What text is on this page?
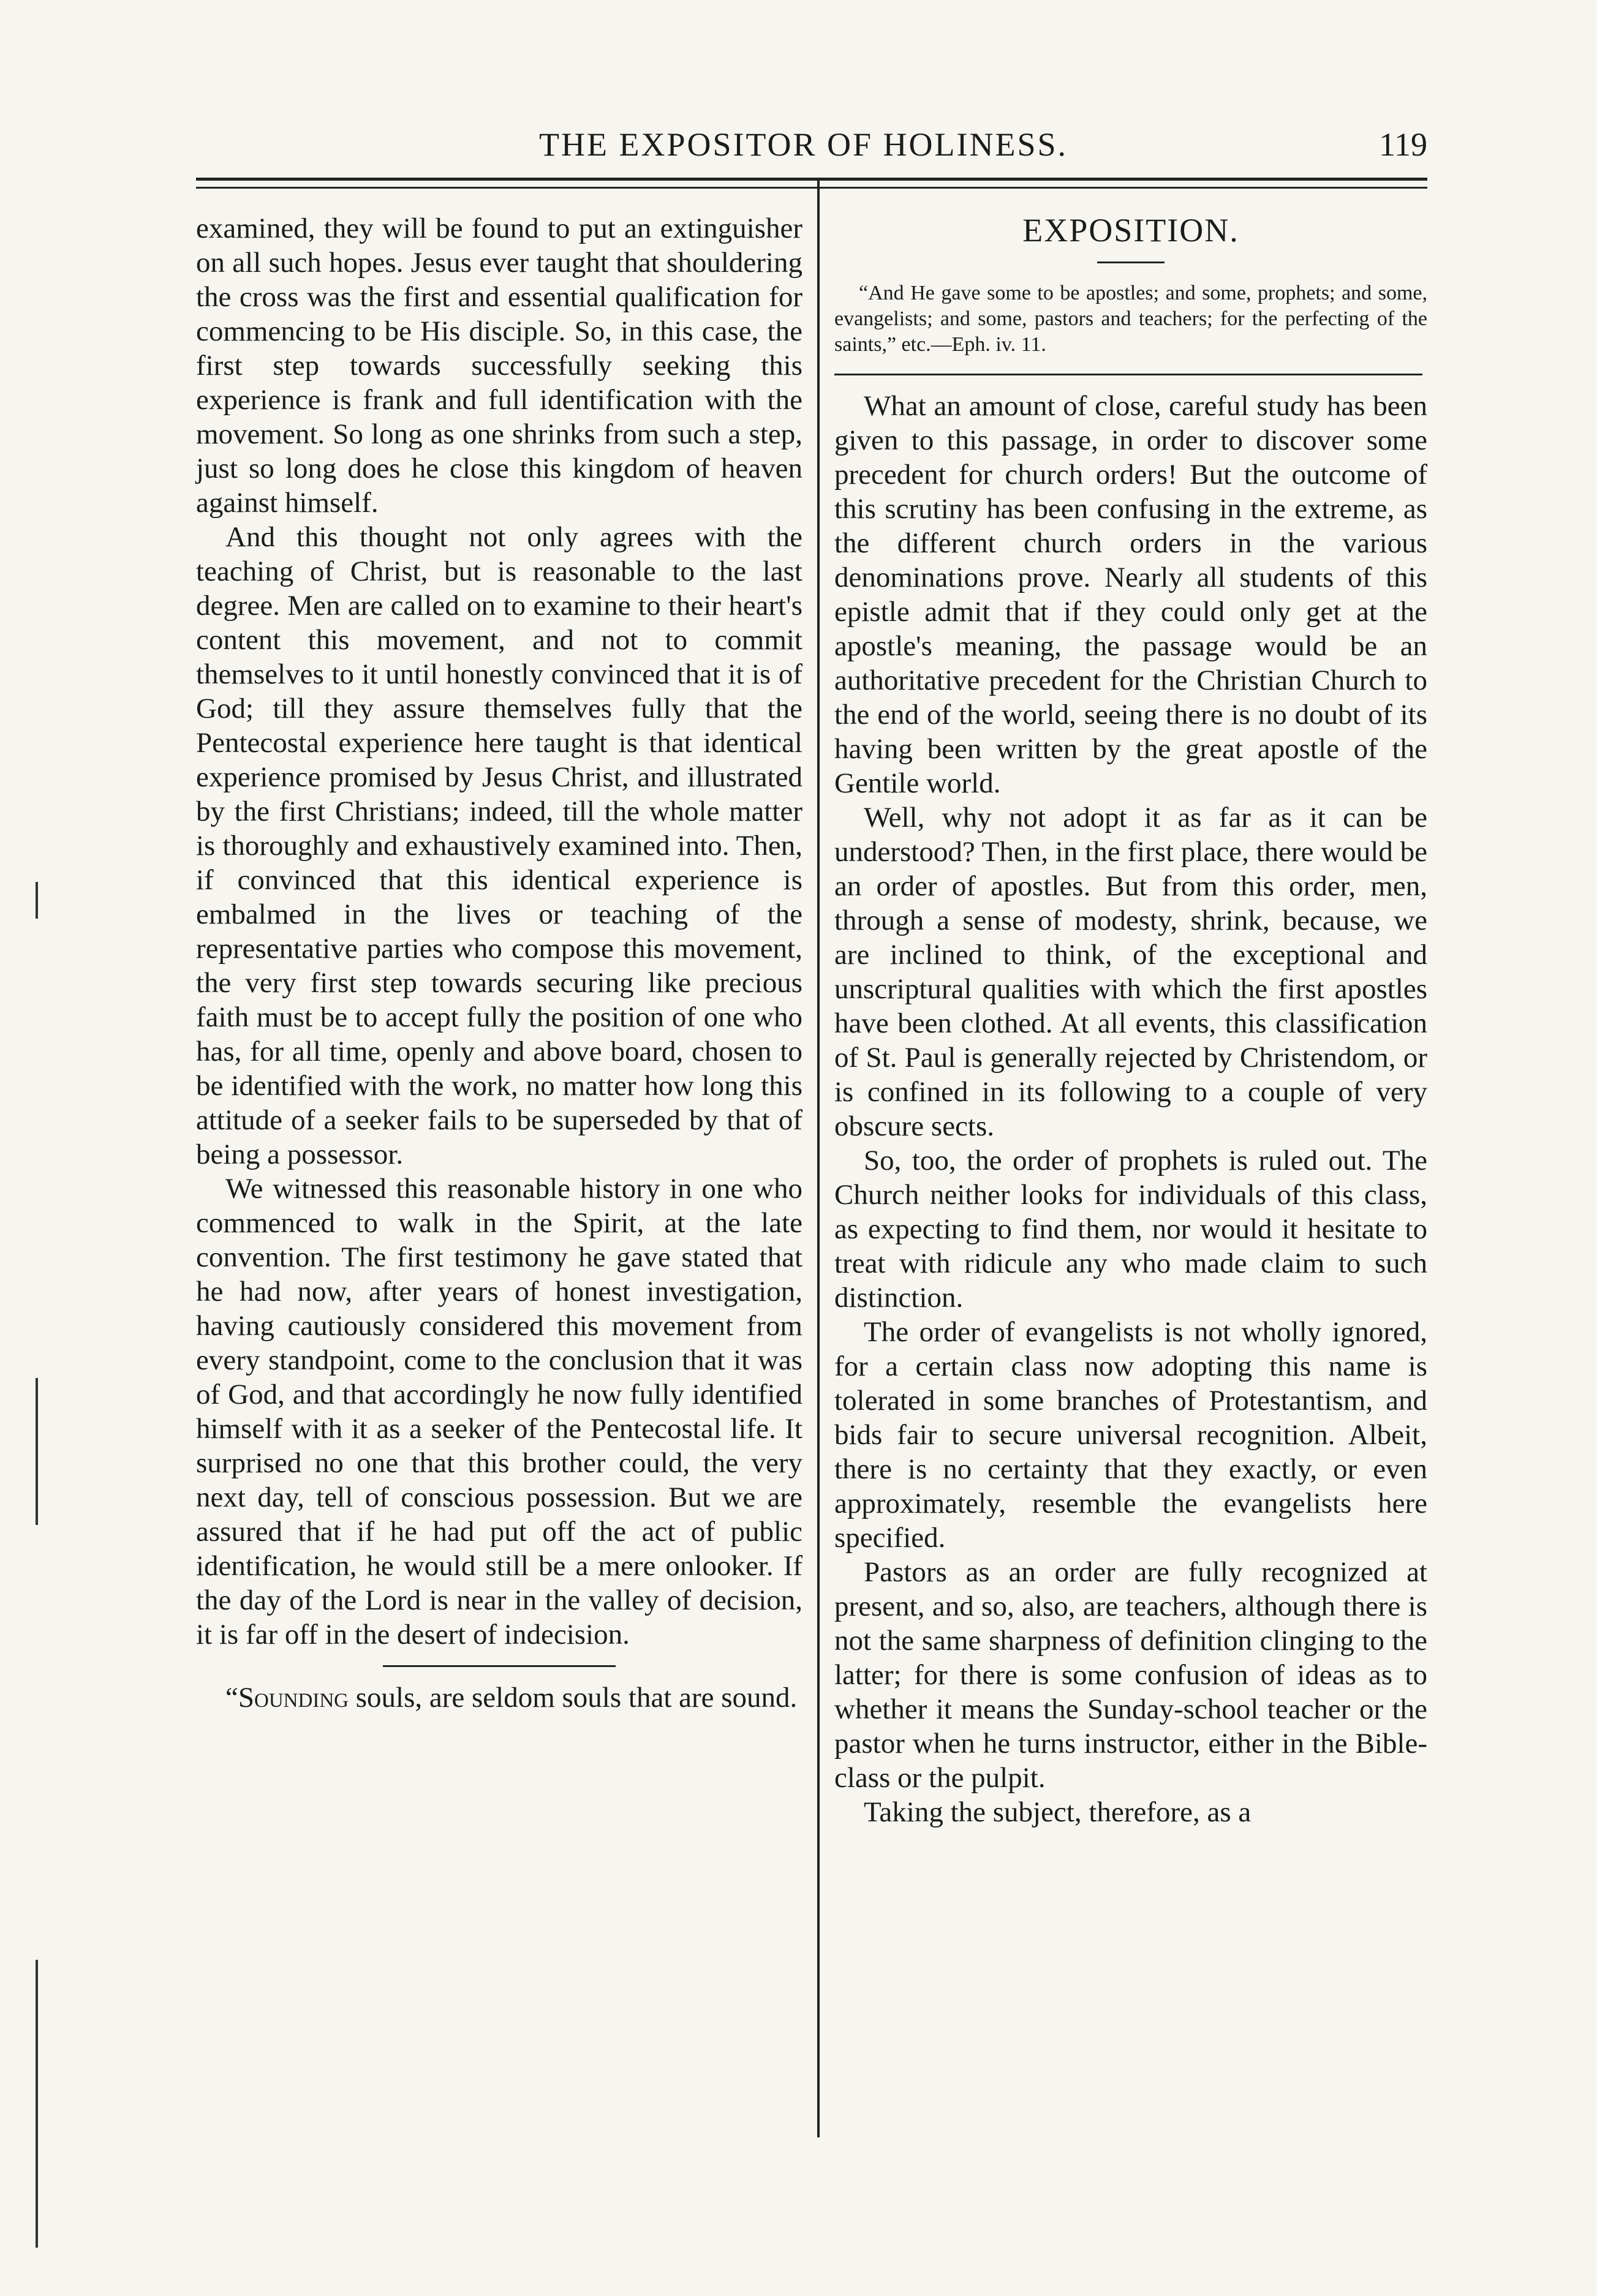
THE EXPOSITOR OF HOLINESS.	119

examined, they will be found to put an extinguisher on all such hopes. Jesus ever taught that shouldering the cross was the first and essential qualification for commencing to be His disciple. So, in this case, the first step towards successfully seeking this experience is frank and full identification with the movement. So long as one shrinks from such a step, just so long does he close this kingdom of heaven against himself.

And this thought not only agrees with the teaching of Christ, but is reasonable to the last degree. Men are called on to examine to their heart's content this movement, and not to commit themselves to it until honestly convinced that it is of God; till they assure themselves fully that the Pentecostal experience here taught is that identical experience promised by Jesus Christ, and illustrated by the first Christians; indeed, till the whole matter is thoroughly and exhaustively examined into. Then, if convinced that this identical experience is embalmed in the lives or teaching of the representative parties who compose this movement, the very first step towards securing like precious faith must be to accept fully the position of one who has, for all time, openly and above board, chosen to be identified with the work, no matter how long this attitude of a seeker fails to be superseded by that of being a possessor.

We witnessed this reasonable history in one who commenced to walk in the Spirit, at the late convention. The first testimony he gave stated that he had now, after years of honest investigation, having cautiously considered this movement from every standpoint, come to the conclusion that it was of God, and that accordingly he now fully identified himself with it as a seeker of the Pentecostal life. It surprised no one that this brother could, the very next day, tell of conscious possession. But we are assured that if he had put off the act of public identification, he would still be a mere onlooker. If the day of the Lord is near in the valley of decision, it is far off in the desert of indecision.

“Sounding souls, are seldom souls that are sound.

EXPOSITION.
“And He gave some to be apostles; and some, prophets; and some, evangelists; and some, pastors and teachers; for the perfecting of the saints,” etc.—Eph. iv. 11.

What an amount of close, careful study has been given to this passage, in order to discover some precedent for church orders! But the outcome of this scrutiny has been confusing in the extreme, as the different church orders in the various denominations prove. Nearly all students of this epistle admit that if they could only get at the apostle's meaning, the passage would be an authoritative precedent for the Christian Church to the end of the world, seeing there is no doubt of its having been written by the great apostle of the Gentile world.

Well, why not adopt it as far as it can be understood? Then, in the first place, there would be an order of apostles. But from this order, men, through a sense of modesty, shrink, because, we are inclined to think, of the exceptional and unscriptural qualities with which the first apostles have been clothed. At all events, this classification of St. Paul is generally rejected by Christendom, or is confined in its following to a couple of very obscure sects.

So, too, the order of prophets is ruled out. The Church neither looks for individuals of this class, as expecting to find them, nor would it hesitate to treat with ridicule any who made claim to such distinction.

The order of evangelists is not wholly ignored, for a certain class now adopting this name is tolerated in some branches of Protestantism, and bids fair to secure universal recognition. Albeit, there is no certainty that they exactly, or even approximately, resemble the evangelists here specified.

Pastors as an order are fully recognized at present, and so, also, are teachers, although there is not the same sharpness of definition clinging to the latter; for there is some confusion of ideas as to whether it means the Sunday-school teacher or the pastor when he turns instructor, either in the Bible-class or the pulpit.

Taking the subject, therefore, as a
